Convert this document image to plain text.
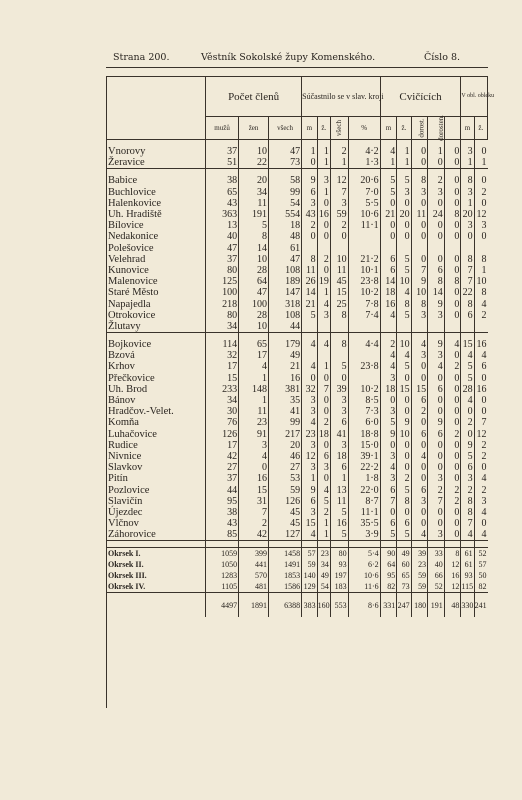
Strana 200.	Věstník Sokolské župy Komenského.	Číslo 8.
	Počet členů			Súčastnilo se v slav. kroji				Cvičících					V obl. obleku	
	mužů	žen	všech	m	ž.	všech	%	m	ž.	dorost.	dorosten.		m	ž.

Vnorovy	37	10	47	1	1	2	4·2	4	1	0	1	0	3	0
Žeravice	51	22	73	0	1	1	1·3	1	1	0	0	0	1	1

Babice	38	20	58	9	3	12	20·6	5	5	8	2	0	8	0
Buchlovice	65	34	99	6	1	7	7·0	5	3	3	3	0	3	2
Halenkovice	43	11	54	3	0	3	5·5	0	0	0	0	0	1	0
Uh. Hradiště	363	191	554	43	16	59	10·6	21	20	11	24	8	20	12
Bílovice	13	5	18	2	0	2	11·1	0	0	0	0	0	3	3
Nedakonice	40	8	48	0	0	0		0	0	0	0	0	0	0
Polešovice	47	14	61											
Velehrad	37	10	47	8	2	10	21·2	6	5	0	0	0	8	8
Kunovice	80	28	108	11	0	11	10·1	6	5	7	6	0	7	1
Malenovice	125	64	189	26	19	45	23·8	14	10	9	8	8	7	10
Staré Město	100	47	147	14	1	15	10·2	18	4	10	14	0	22	8
Napajedla	218	100	318	21	4	25	7·8	16	8	8	9	0	8	4
Otrokovice	80	28	108	5	3	8	7·4	4	5	3	3	0	6	2
Žlutavy	34	10	44											

Bojkovice	114	65	179	4	4	8	4·4	2	10	4	9	4	15	16
Bzová	32	17	49					4	4	3	3	0	4	4
Krhov	17	4	21	4	1	5	23·8	4	5	0	4	2	5	6
Přečkovice	15	1	16	0	0	0		3	0	0	0	0	5	0
Uh. Brod	233	148	381	32	7	39	10·2	18	15	15	6	0	28	16
Bánov	34	1	35	3	0	3	8·5	0	0	6	0	0	4	0
Hradčov.-Velet.	30	11	41	3	0	3	7·3	3	0	2	0	0	0	0
Komňa	76	23	99	4	2	6	6·0	5	9	0	9	0	2	7
Luhačovice	126	91	217	23	18	41	18·8	9	10	6	6	2	0	12
Rudice	17	3	20	3	0	3	15·0	0	0	0	0	0	9	2
Nivnice	42	4	46	12	6	18	39·1	3	0	4	0	0	5	2
Slavkov	27	0	27	3	3	6	22·2	4	0	0	0	0	6	0
Pitín	37	16	53	1	0	1	1·8	3	2	0	3	0	3	4
Pozlovice	44	15	59	9	4	13	22·0	6	5	6	2	2	2	2
Slavičín	95	31	126	6	5	11	8·7	7	8	3	7	2	8	3
Újezdec	38	7	45	3	2	5	11·1	0	0	0	0	0	8	4
Vlčnov	43	2	45	15	1	16	35·5	6	6	0	0	0	7	0
Záhorovice	85	42	127	4	1	5	3·9	5	5	4	3	0	4	4

Okrsek I.	1059	399	1458	57	23	80	5·4	90	49	39	33	8	61	52
Okrsek II.	1050	441	1491	59	34	93	6·2	64	60	23	40	12	61	57
Okrsek III.	1283	570	1853	140	49	197	10·6	95	65	59	66	16	93	50
Okrsek IV.	1105	481	1586	129	54	183	11·6	82	73	59	52	12	115	82
	4497	1891	6388	383	160	553	8·6	331	247	180	191	48	330	241
